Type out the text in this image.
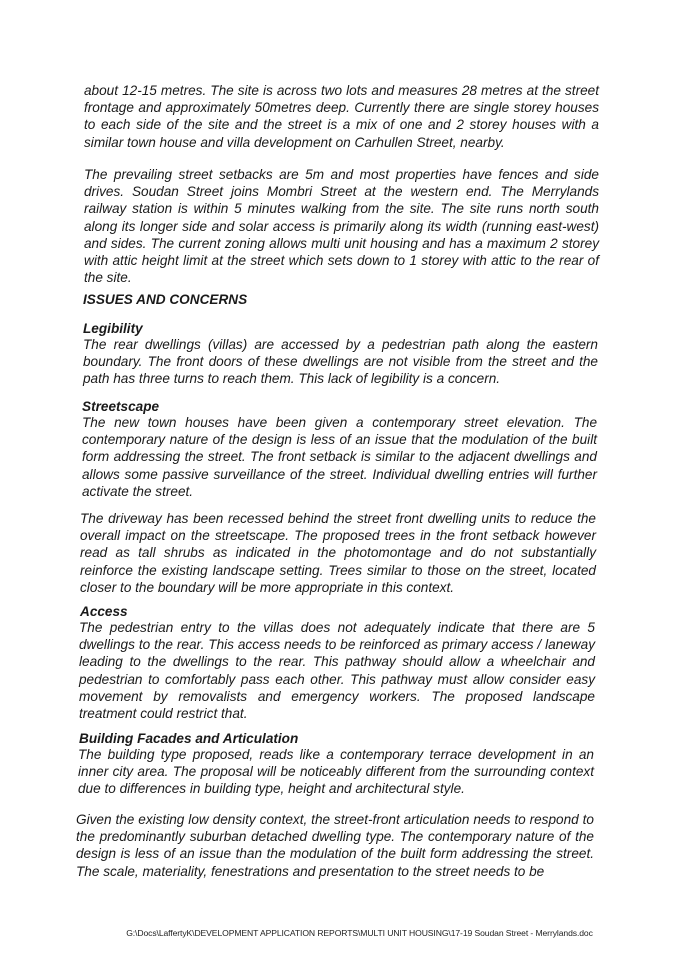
about 12-15 metres. The site is across two lots and measures 28 metres at the street frontage and approximately 50metres deep. Currently there are single storey houses to each side of the site and the street is a mix of one and 2 storey houses with a similar town house and villa development on Carhullen Street, nearby.

The prevailing street setbacks are 5m and most properties have fences and side drives. Soudan Street joins Mombri Street at the western end. The Merrylands railway station is within 5 minutes walking from the site. The site runs north south along its longer side and solar access is primarily along its width (running east-west) and sides. The current zoning allows multi unit housing and has a maximum 2 storey with attic height limit at the street which sets down to 1 storey with attic to the rear of the site.

ISSUES AND CONCERNS

Legibility

The rear dwellings (villas) are accessed by a pedestrian path along the eastern boundary. The front doors of these dwellings are not visible from the street and the path has three turns to reach them. This lack of legibility is a concern.

Streetscape

The new town houses have been given a contemporary street elevation. The contemporary nature of the design is less of an issue that the modulation of the built form addressing the street. The front setback is similar to the adjacent dwellings and allows some passive surveillance of the street. Individual dwelling entries will further activate the street.

The driveway has been recessed behind the street front dwelling units to reduce the overall impact on the streetscape. The proposed trees in the front setback however read as tall shrubs as indicated in the photomontage and do not substantially reinforce the existing landscape setting. Trees similar to those on the street, located closer to the boundary will be more appropriate in this context.

Access

The pedestrian entry to the villas does not adequately indicate that there are 5 dwellings to the rear. This access needs to be reinforced as primary access / laneway leading to the dwellings to the rear. This pathway should allow a wheelchair and pedestrian to comfortably pass each other. This pathway must allow consider easy movement by removalists and emergency workers. The proposed landscape treatment could restrict that.

Building Facades and Articulation

The building type proposed, reads like a contemporary terrace development in an inner city area. The proposal will be noticeably different from the surrounding context due to differences in building type, height and architectural style.

Given the existing low density context, the street-front articulation needs to respond to the predominantly suburban detached dwelling type. The contemporary nature of the design is less of an issue than the modulation of the built form addressing the street. The scale, materiality, fenestrations and presentation to the street needs to be

G:\Docs\LaffertyK\DEVELOPMENT APPLICATION REPORTS\MULTI UNIT HOUSING\17-19 Soudan Street - Merrylands.doc
